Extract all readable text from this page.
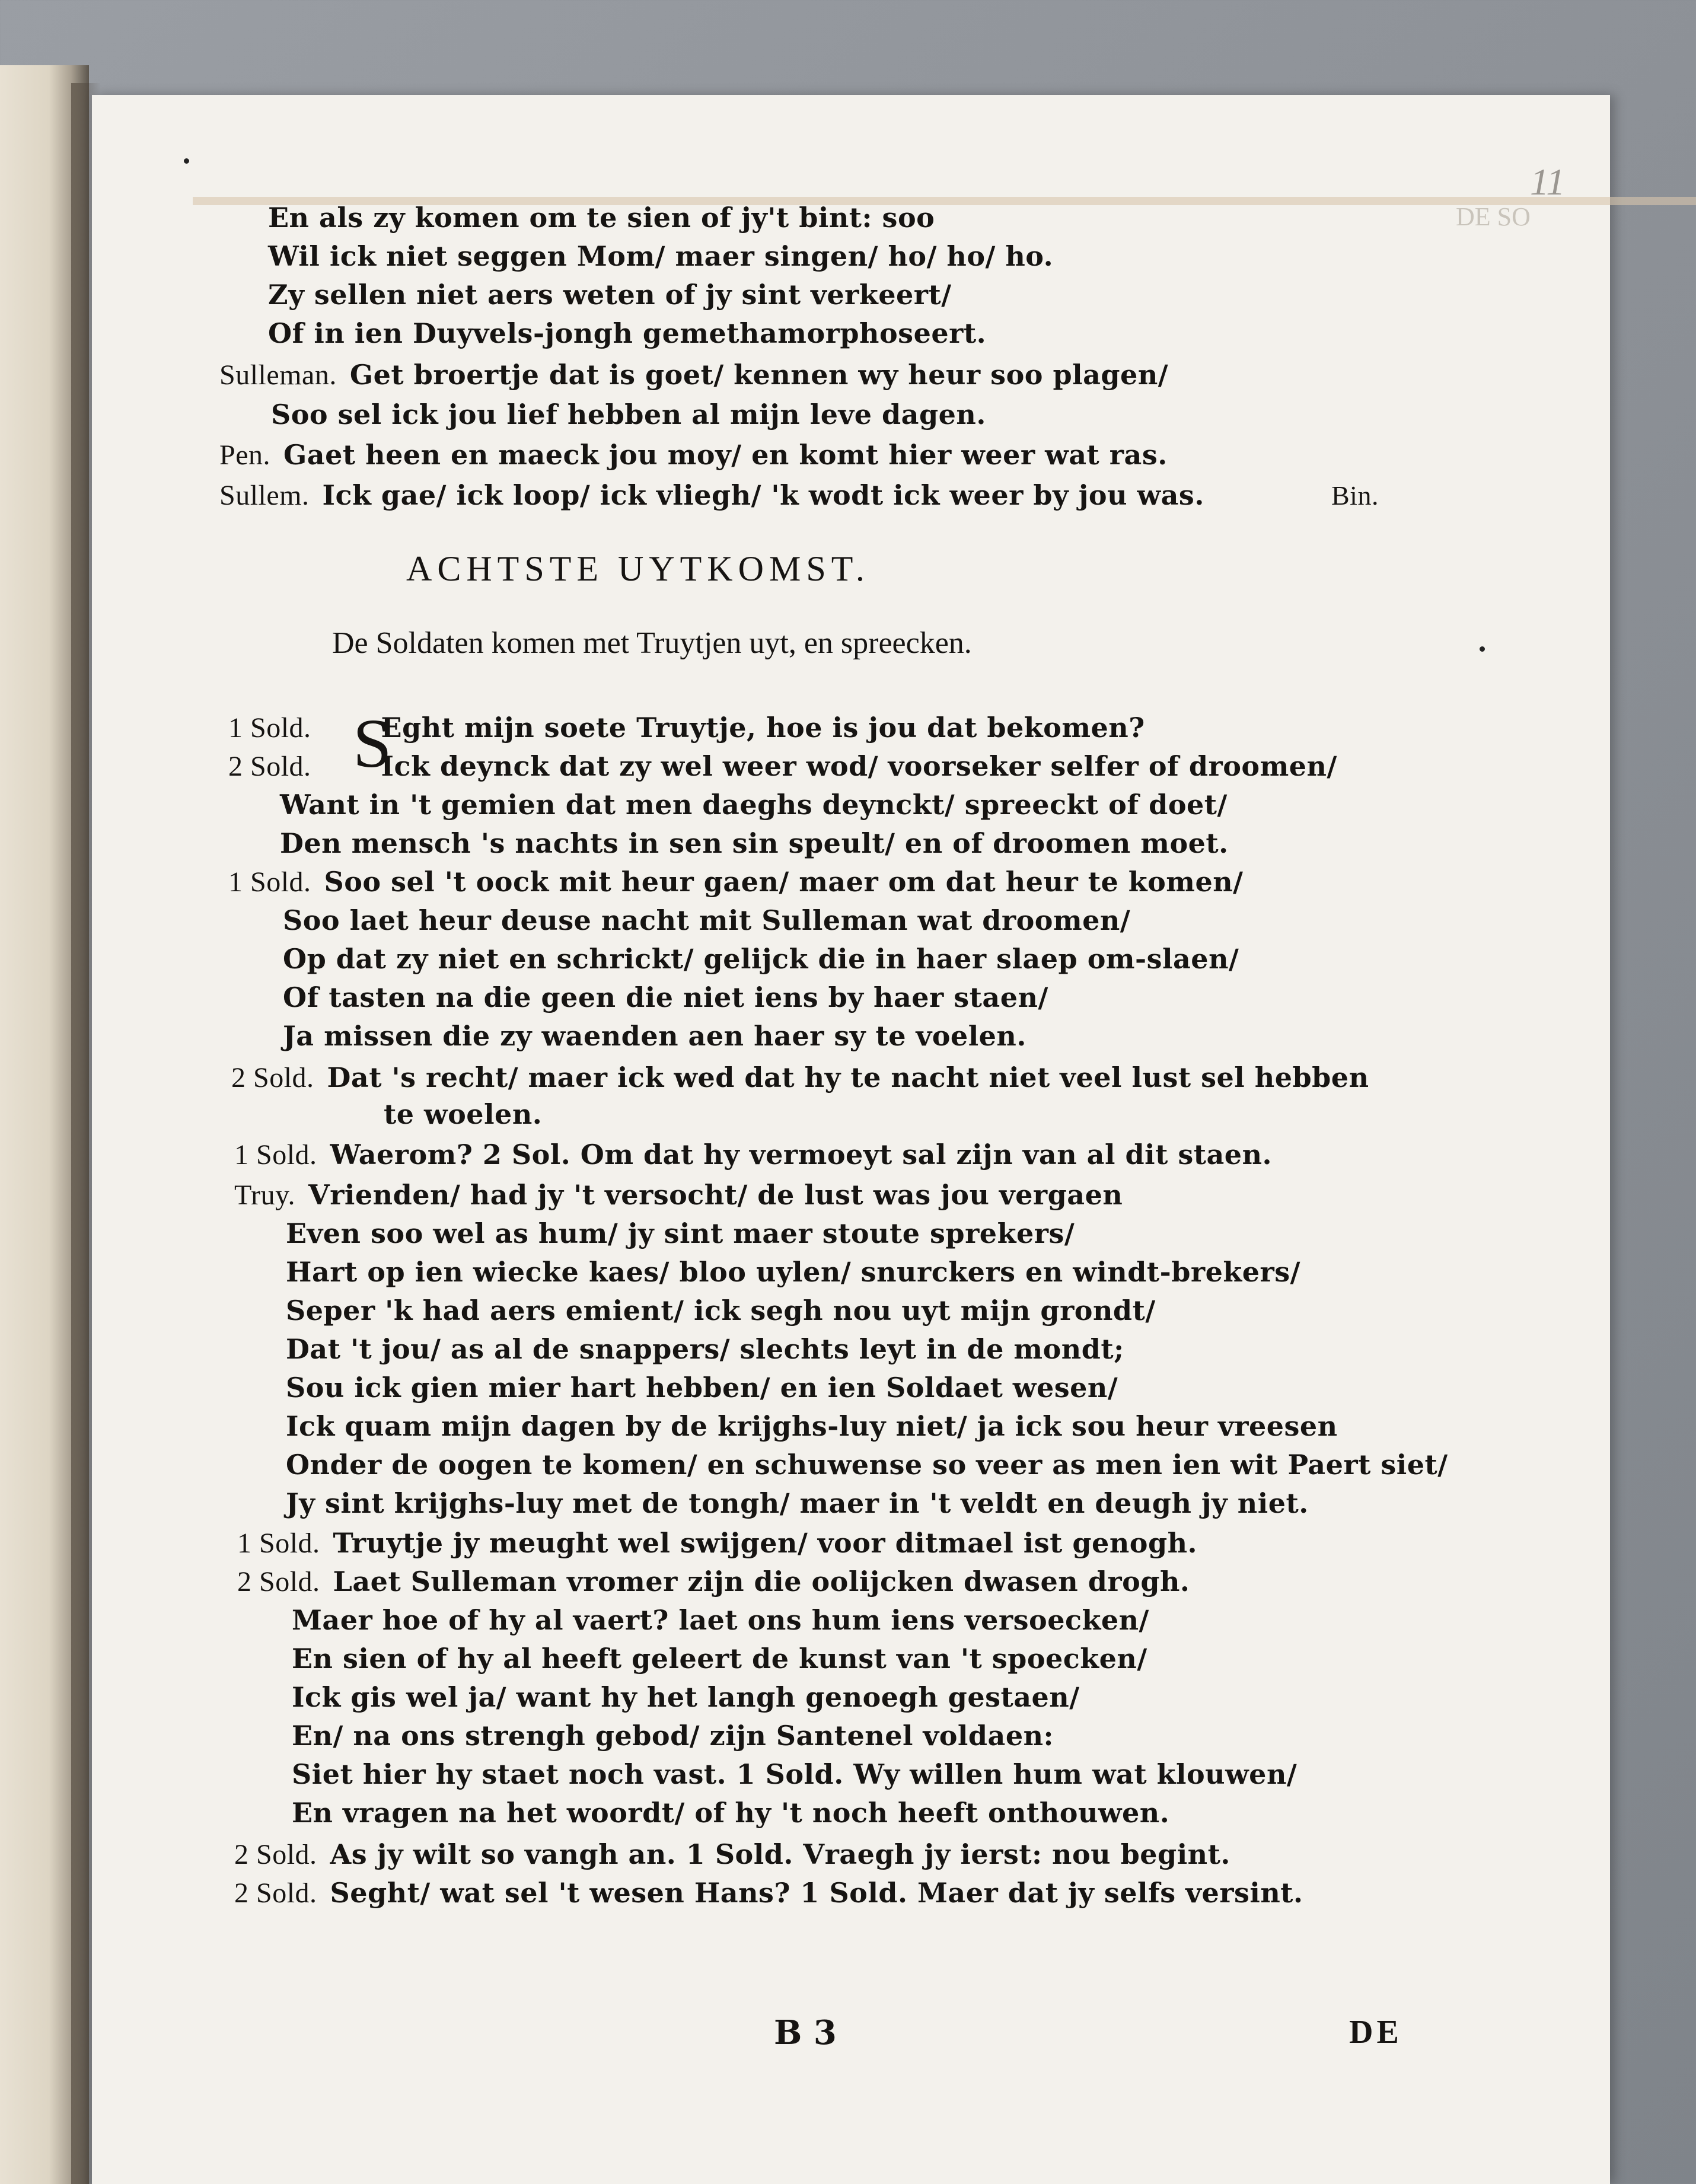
11
DE SO
En als zy komen om te sien of jy't bint: soo
Wil ick niet seggen Mom/ maer singen/ ho/ ho/ ho.
Zy sellen niet aers weten of jy sint verkeert/
Of in ien Duyvels-jongh gemethamorphoseert.
Sulleman. Get broertje dat is goet/ kennen wy heur soo plagen/
Soo sel ick jou lief hebben al mijn leve dagen.
Pen. Gaet heen en maeck jou moy/ en komt hier weer wat ras.
Sullem. Ick gae/ ick loop/ ick vliegh/ 'k wodt ick weer by jou was.	Bin.
ACHTSTE UYTKOMST.
De Soldaten komen met Truytjen uyt, en spreecken.
S
1 Sold.	Eght mijn soete Truytje, hoe is jou dat bekomen?
2 Sold.	Ick deynck dat zy wel weer wod/ voorseker selfer of droomen/
Want in 't gemien dat men daeghs deynckt/ spreeckt of doet/
Den mensch 's nachts in sen sin speult/ en of droomen moet.
1 Sold. Soo sel 't oock mit heur gaen/ maer om dat heur te komen/
Soo laet heur deuse nacht mit Sulleman wat droomen/
Op dat zy niet en schrickt/ gelijck die in haer slaep om-slaen/
Of tasten na die geen die niet iens by haer staen/
Ja missen die zy waenden aen haer sy te voelen.
2 Sold. Dat 's recht/ maer ick wed dat hy te nacht niet veel lust sel hebben
te woelen.
1 Sold. Waerom? 2 Sol. Om dat hy vermoeyt sal zijn van al dit staen.
Truy. Vrienden/ had jy 't versocht/ de lust was jou vergaen
Even soo wel as hum/ jy sint maer stoute sprekers/
Hart op ien wiecke kaes/ bloo uylen/ snurckers en windt-brekers/
Seper 'k had aers emient/ ick segh nou uyt mijn grondt/
Dat 't jou/ as al de snappers/ slechts leyt in de mondt;
Sou ick gien mier hart hebben/ en ien Soldaet wesen/
Ick quam mijn dagen by de krijghs-luy niet/ ja ick sou heur vreesen
Onder de oogen te komen/ en schuwense so veer as men ien wit Paert siet/
Jy sint krijghs-luy met de tongh/ maer in 't veldt en deugh jy niet.
1 Sold. Truytje jy meught wel swijgen/ voor ditmael ist genogh.
2 Sold. Laet Sulleman vromer zijn die oolijcken dwasen drogh.
Maer hoe of hy al vaert? laet ons hum iens versoecken/
En sien of hy al heeft geleert de kunst van 't spoecken/
Ick gis wel ja/ want hy het langh genoegh gestaen/
En/ na ons strengh gebod/ zijn Santenel voldaen:
Siet hier hy staet noch vast. 1 Sold. Wy willen hum wat klouwen/
En vragen na het woordt/ of hy 't noch heeft onthouwen.
2 Sold. As jy wilt so vangh an. 1 Sold. Vraegh jy ierst: nou begint.
2 Sold. Seght/ wat sel 't wesen Hans? 1 Sold. Maer dat jy selfs versint.
B 3	DE
